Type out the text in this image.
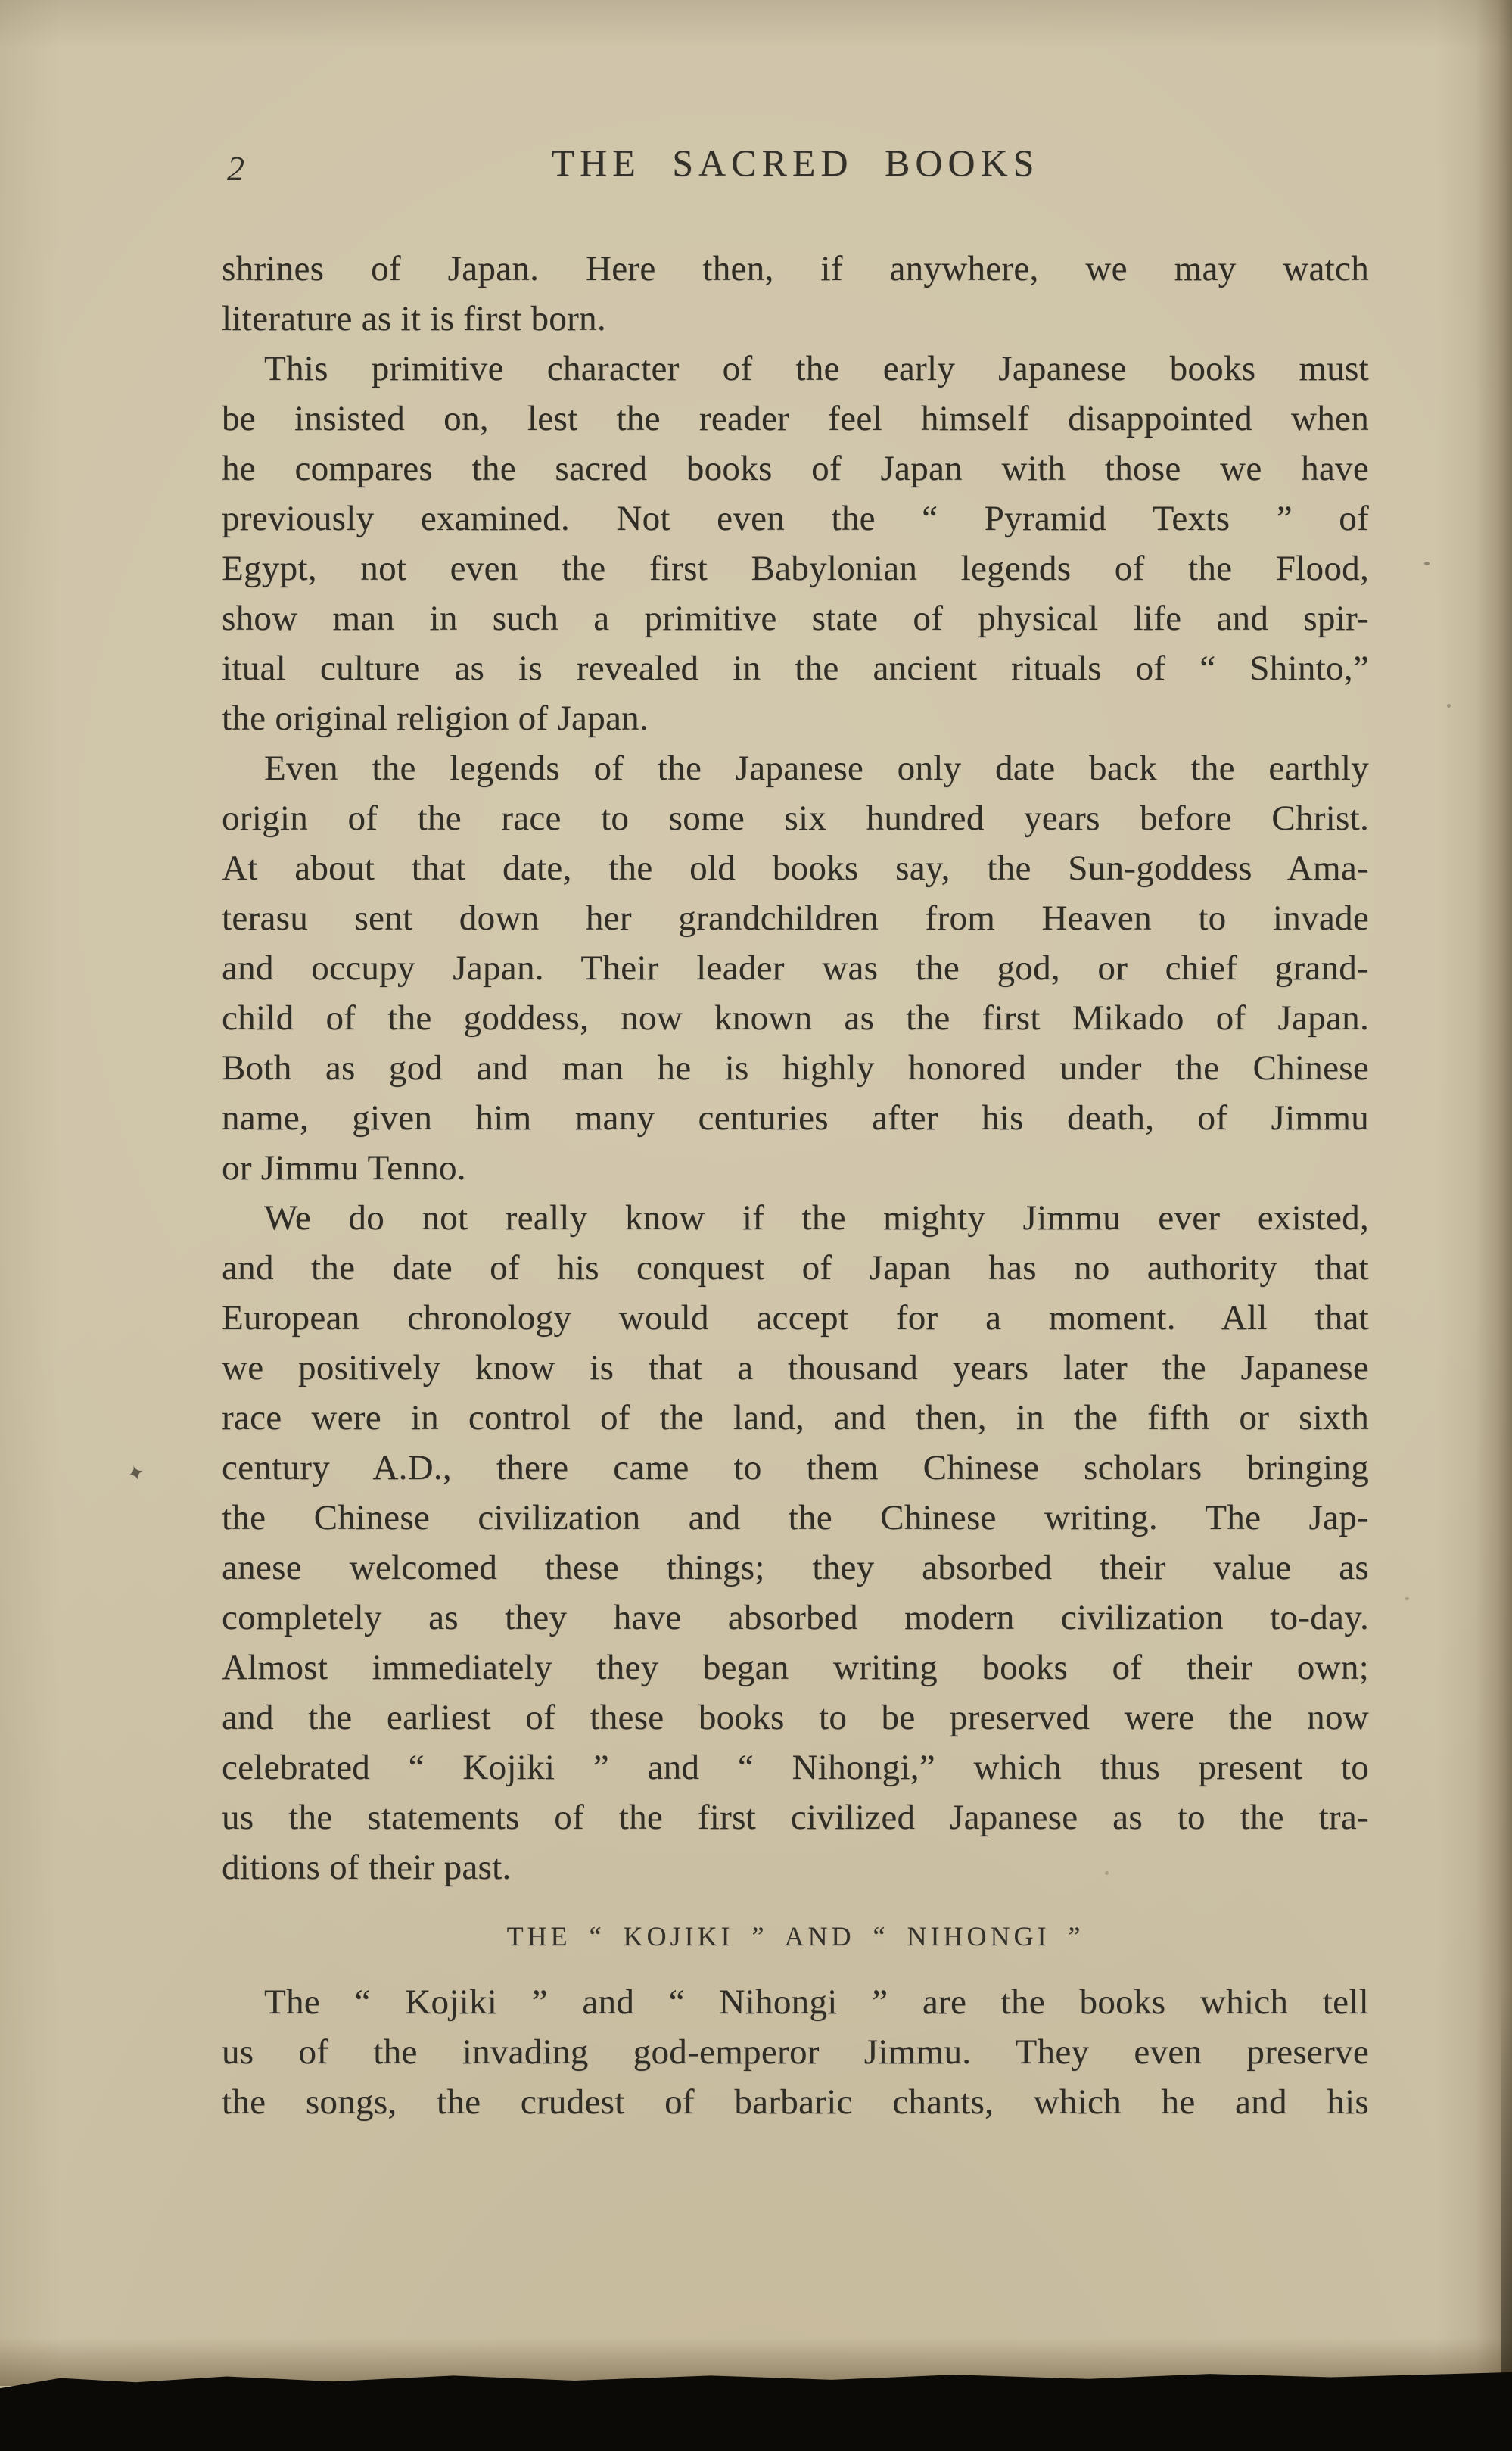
2	THE SACRED BOOKS
shrines of Japan. Here then, if anywhere, we may watch
literature as it is first born.
This primitive character of the early Japanese books must
be insisted on, lest the reader feel himself disappointed when
he compares the sacred books of Japan with those we have
previously examined. Not even the “ Pyramid Texts ” of
Egypt, not even the first Babylonian legends of the Flood,
show man in such a primitive state of physical life and spir-
itual culture as is revealed in the ancient rituals of “ Shinto,”
the original religion of Japan.
Even the legends of the Japanese only date back the earthly
origin of the race to some six hundred years before Christ.
At about that date, the old books say, the Sun-goddess Ama-
terasu sent down her grandchildren from Heaven to invade
and occupy Japan. Their leader was the god, or chief grand-
child of the goddess, now known as the first Mikado of Japan.
Both as god and man he is highly honored under the Chinese
name, given him many centuries after his death, of Jimmu
or Jimmu Tenno.
We do not really know if the mighty Jimmu ever existed,
and the date of his conquest of Japan has no authority that
European chronology would accept for a moment. All that
we positively know is that a thousand years later the Japanese
race were in control of the land, and then, in the fifth or sixth
century A.D., there came to them Chinese scholars bringing
the Chinese civilization and the Chinese writing. The Jap-
anese welcomed these things; they absorbed their value as
completely as they have absorbed modern civilization to-day.
Almost immediately they began writing books of their own;
and the earliest of these books to be preserved were the now
celebrated “ Kojiki ” and “ Nihongi,” which thus present to
us the statements of the first civilized Japanese as to the tra-
ditions of their past.
THE “ KOJIKI ” AND “ NIHONGI ”
The “ Kojiki ” and “ Nihongi ” are the books which tell
us of the invading god-emperor Jimmu. They even preserve
the songs, the crudest of barbaric chants, which he and his
✦
